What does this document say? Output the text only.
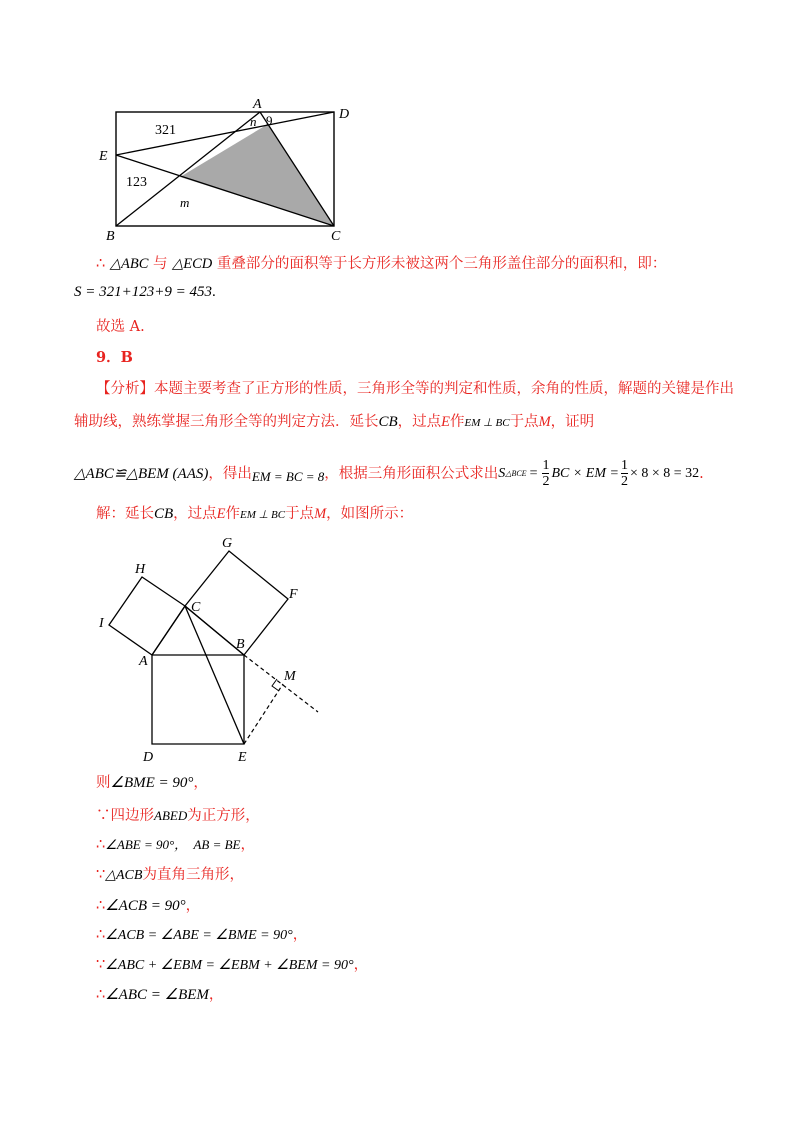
A
D
E
B	C
n 9
321
123
m
∴ △ABC 与 △ECD 重叠部分的面积等于长方形未被这两个三角形盖住部分的面积和，即：
S = 321+123+9 = 453.
故选 A.
9．B
【分析】本题主要考查了正方形的性质，三角形全等的判定和性质，余角的性质，解题的关键是作出
辅助线，熟练掌握三角形全等的判定方法．延长CB，过点E作EM ⊥ BC于点M，证明
△ABC≌△BEM (AAS) ，得出 EM = BC = 8 ，根据三角形面积公式求出 S △BCE = $\frac{1}{2}$ BC × EM = $\frac{1}{2} \times 8 \times 8 = 32$ .
解：延长CB，过点E作EM ⊥ BC于点M，如图所示：
G
H
F
I
C
B
A
M
D	E
则∠BME = 90°，
∵四边形ABED为正方形，
∴∠ABE = 90°，  AB = BE，
∵△ACB为直角三角形，
∴∠ACB = 90°，
∴∠ACB = ∠ABE = ∠BME = 90°，
∵∠ABC + ∠EBM = ∠EBM + ∠BEM = 90°，
∴∠ABC = ∠BEM，
